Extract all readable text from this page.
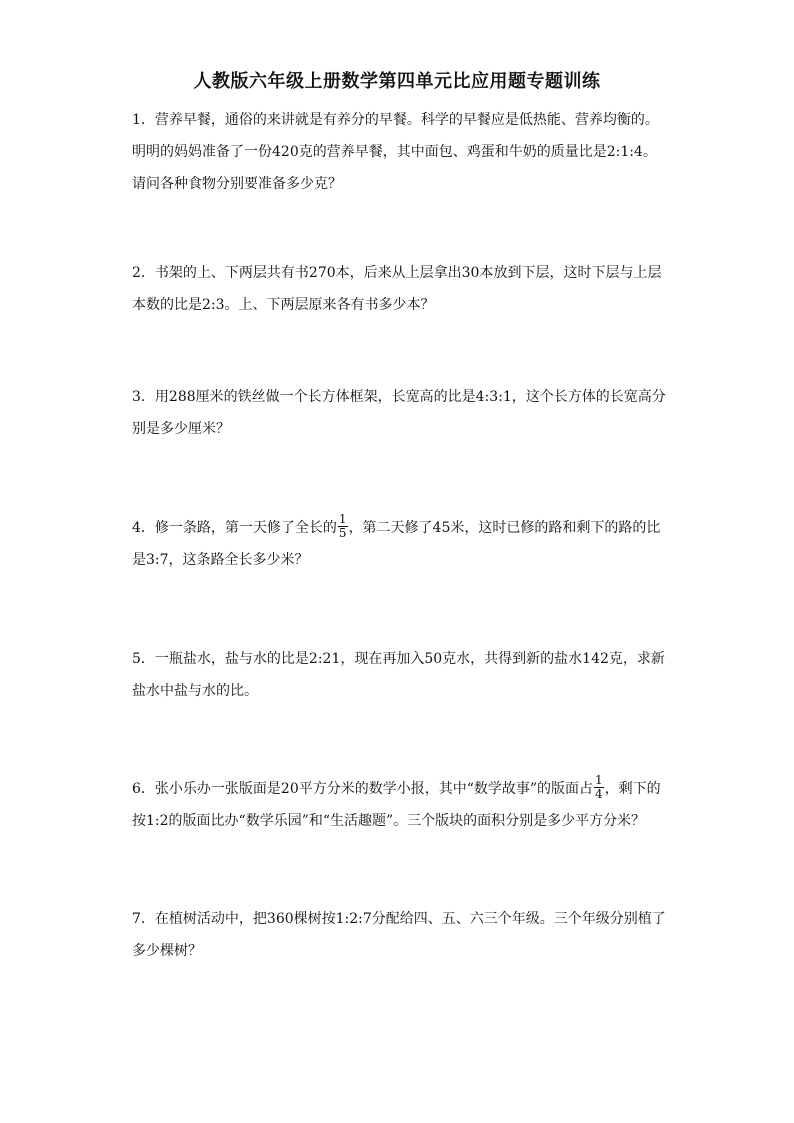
人教版六年级上册数学第四单元比应用题专题训练
1．营养早餐，通俗的来讲就是有养分的早餐。科学的早餐应是低热能、营养均衡的。明明的妈妈准备了一份420克的营养早餐，其中面包、鸡蛋和牛奶的质量比是2:1:4。请问各种食物分别要准备多少克？
2．书架的上、下两层共有书270本，后来从上层拿出30本放到下层，这时下层与上层本数的比是2:3。上、下两层原来各有书多少本？
3．用288厘米的铁丝做一个长方体框架，长宽高的比是4:3:1，这个长方体的长宽高分别是多少厘米？
4．修一条路，第一天修了全长的 $\frac{1}{5}$ ，第二天修了45米，这时已修的路和剩下的路的比是3:7，这条路全长多少米？
5．一瓶盐水，盐与水的比是2:21，现在再加入50克水，共得到新的盐水142克，求新盐水中盐与水的比。
6．张小乐办一张版面是20平方分米的数学小报，其中“数学故事”的版面占 $\frac{1}{4}$ ，剩下的按1:2的版面比办“数学乐园”和“生活趣题”。三个版块的面积分别是多少平方分米？
7．在植树活动中，把360棵树按1:2:7分配给四、五、六三个年级。三个年级分别植了多少棵树？
